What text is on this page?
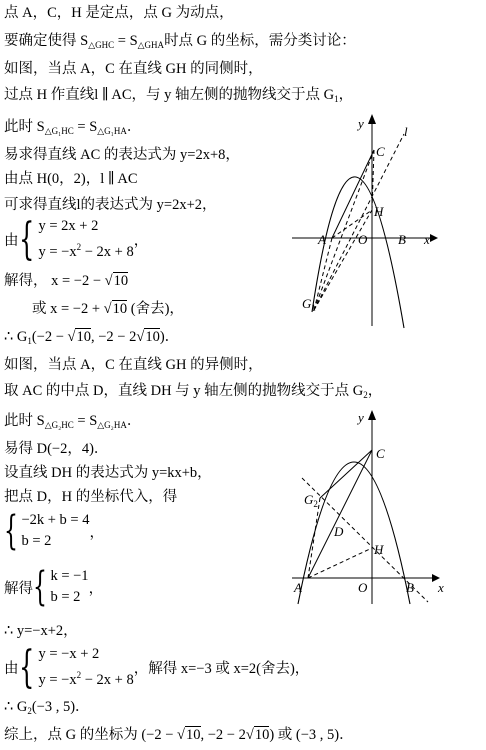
点 A，C，H 是定点，点 G 为动点，
要确定使得 $S_{\triangle GHC} = S_{\triangle GHA}$时点 G 的坐标，需分类讨论：
如图，当点 A，C 在直线 GH 的同侧时，
过点 H 作直线l ∥ AC，与 y 轴左侧的抛物线交于点 $G_1$，
此时 $S_{\triangle G_1HC} = S_{\triangle G_1HA}$．
易求得直线 AC 的表达式为 y=2x+8，
由点 H(0，2)，l ∥ AC
可求得直线l的表达式为 y=2x+2，
由 { y = 2x + 2
$y = -x^2 - 2x + 8$
，
解得， x = −2 − √10
或 x = −2 + √10 (舍去)，
∴ $G_1(-2 - √10$, −2 − 2√10)．
如图，当点 A，C 在直线 GH 的异侧时，
取 AC 的中点 D，直线 DH 与 y 轴左侧的抛物线交于点 $G_2$，
此时 $S_{\triangle G_2HC} = S_{\triangle G_2HA}$．
易得 D(−2，4)．
设直线 DH 的表达式为 y=kx+b，
把点 D，H 的坐标代入，得
{ −2k + b = 4
b = 2
，
解得 { k = −1
b = 2
，
∴ y=−x+2，
由 { y = −x + 2
$y = -x^2 - 2x + 8$
，解得 x=−3 或 x=2(舍去)，
∴ $G_2(-3$ , 5)．
综上，点 G 的坐标为 (−2 − √10, −2 − 2√10) 或 (−3 , 5)．
y
l
C
H
A O B x
$G_1$
y
C
$G_2$
D
H
A	O	B x
